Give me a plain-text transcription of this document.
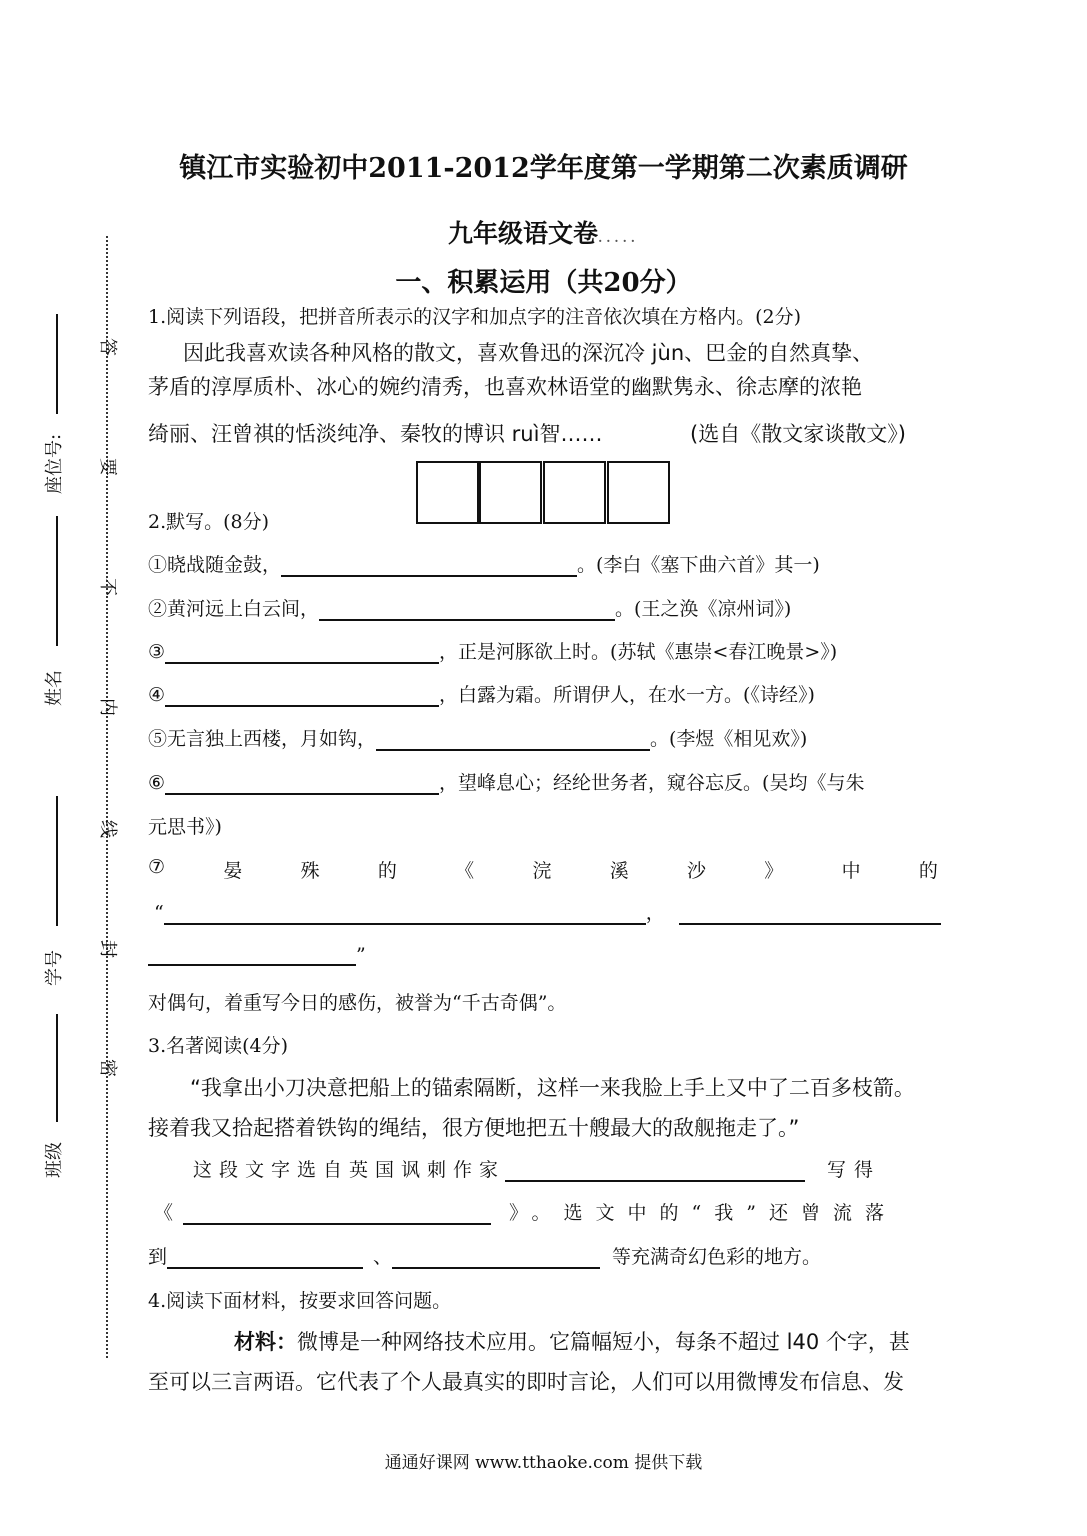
答
要
不
内
线
封
密
座位号:
姓名
学号
班级
镇江市实验初中2011-2012学年度第一学期第二次素质调研
九年级语文卷.....
一、积累运用（共20分）
1.阅读下列语段，把拼音所表示的汉字和加点字的注音依次填在方格内。(2分)
因此我喜欢读各种风格的散文，喜欢鲁迅的深沉冷 jùn、巴金的自然真挚、
茅盾的淳厚质朴、冰心的婉约清秀，也喜欢林语堂的幽默隽永、徐志摩的浓艳
绮丽、汪曾祺的恬淡纯净、秦牧的博识 ruì智……	(选自《散文家谈散文》)
2.默写。(8分)
①晓战随金鼓，	。(李白《塞下曲六首》其一)
②黄河远上白云间，	。(王之涣《凉州词》)
③	，正是河豚欲上时。(苏轼《惠崇<春江晚景>》)
④	，白露为霜。所谓伊人，在水一方。(《诗经》)
⑤无言独上西楼，月如钩，	。(李煜《相见欢》)
⑥	，望峰息心；经纶世务者，窥谷忘反。(吴均《与朱
元思书》)
⑦	晏	殊	的	《	浣	溪	沙	》	中	的
“	，
”
对偶句，着重写今日的感伤，被誉为“千古奇偶”。
3.名著阅读(4分)
“我拿出小刀决意把船上的锚索隔断，这样一来我脸上手上又中了二百多枝箭。
接着我又拾起搭着铁钩的绳结，很方便地把五十艘最大的敌舰拖走了。”
这段文字选自英国讽刺作家	写得
《	》。选文中的“我”还曾流落
到	、	等充满奇幻色彩的地方。
4.阅读下面材料，按要求回答问题。
材料：微博是一种网络技术应用。它篇幅短小，每条不超过 l40 个字，甚
至可以三言两语。它代表了个人最真实的即时言论，人们可以用微博发布信息、发
通通好课网 www.tthaoke.com 提供下载
